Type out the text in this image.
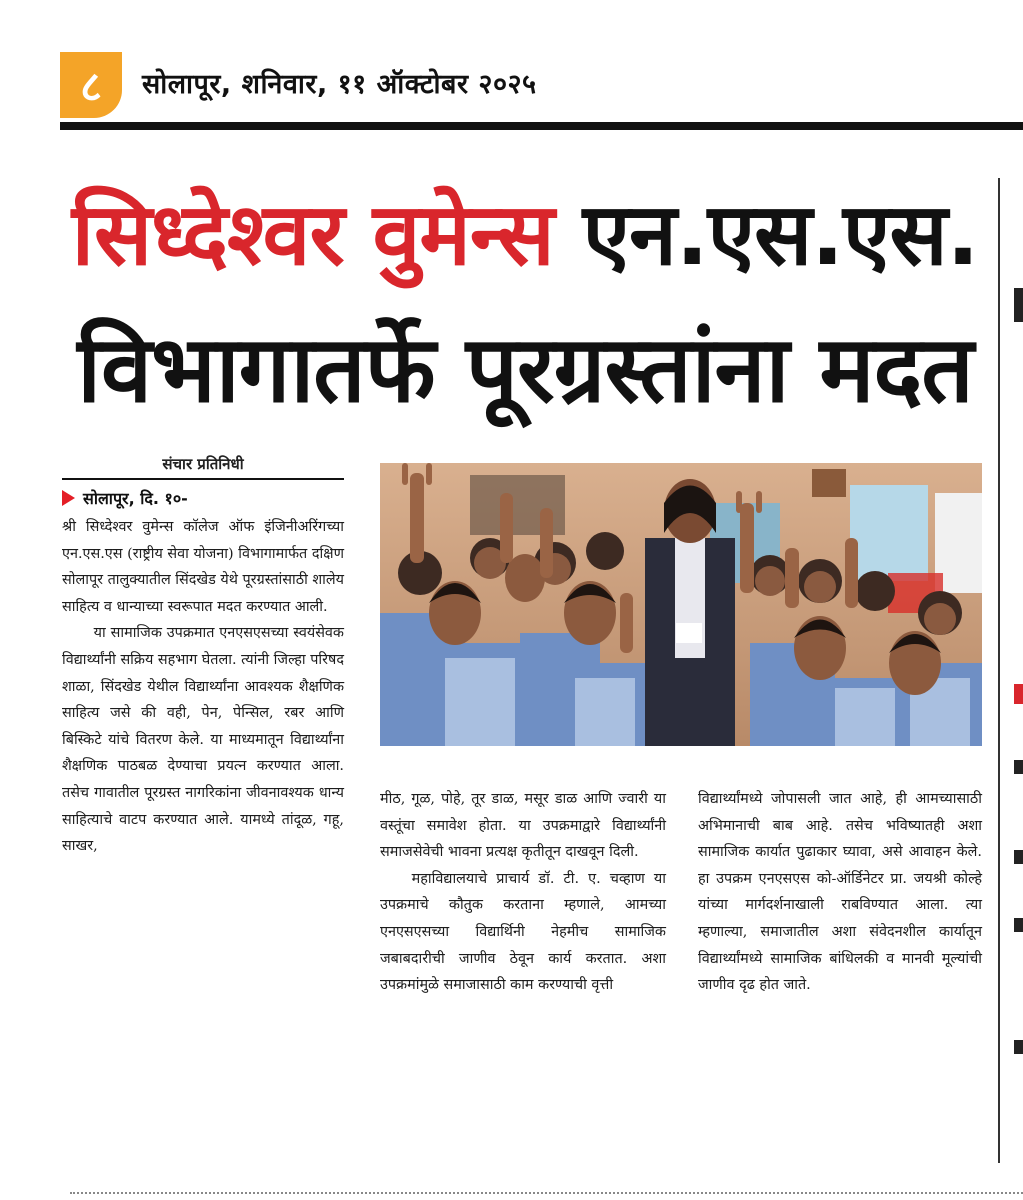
८	सोलापूर, शनिवार, ११ ऑक्टोबर २०२५
सिध्देश्वर वुमेन्स एन.एस.एस.
विभागातर्फे पूरग्रस्तांना मदत
संचार प्रतिनिधी
सोलापूर, दि. १०-

श्री सिध्देश्वर वुमेन्स कॉलेज ऑफ इंजिनीअरिंगच्या एन.एस.एस (राष्ट्रीय सेवा योजना) विभागामार्फत दक्षिण सोलापूर तालुक्यातील सिंदखेड येथे पूरग्रस्तांसाठी शालेय साहित्य व धान्याच्या स्वरूपात मदत करण्यात आली.

या सामाजिक उपक्रमात एनएसएसच्या स्वयंसेवक विद्यार्थ्यांनी सक्रिय सहभाग घेतला. त्यांनी जिल्हा परिषद शाळा, सिंदखेड येथील विद्यार्थ्यांना आवश्यक शैक्षणिक साहित्य जसे की वही, पेन, पेन्सिल, रबर आणि बिस्किटे यांचे वितरण केले. या माध्यमातून विद्यार्थ्यांना शैक्षणिक पाठबळ देण्याचा प्रयत्न करण्यात आला. तसेच गावातील पूरग्रस्त नागरिकांना जीवनावश्यक धान्य साहित्याचे वाटप करण्यात आले. यामध्ये तांदूळ, गहू, साखर,

मीठ, गूळ, पोहे, तूर डाळ, मसूर डाळ आणि ज्वारी या वस्तूंचा समावेश होता. या उपक्रमाद्वारे विद्यार्थ्यांनी समाजसेवेची भावना प्रत्यक्ष कृतीतून दाखवून दिली.

महाविद्यालयाचे प्राचार्य डॉ. टी. ए. चव्हाण या उपक्रमाचे कौतुक करताना म्हणाले, आमच्या एनएसएसच्या विद्यार्थिनी नेहमीच सामाजिक जबाबदारीची जाणीव ठेवून कार्य करतात. अशा उपक्रमांमुळे समाजासाठी काम करण्याची वृत्ती

विद्यार्थ्यांमध्ये जोपासली जात आहे, ही आमच्यासाठी अभिमानाची बाब आहे. तसेच भविष्यातही अशा सामाजिक कार्यात पुढाकार घ्यावा, असे आवाहन केले. हा उपक्रम एनएसएस को-ऑर्डिनेटर प्रा. जयश्री कोल्हे यांच्या मार्गदर्शनाखाली राबविण्यात आला. त्या म्हणाल्या, समाजातील अशा संवेदनशील कार्यातून विद्यार्थ्यांमध्ये सामाजिक बांधिलकी व मानवी मूल्यांची जाणीव दृढ होत जाते.
